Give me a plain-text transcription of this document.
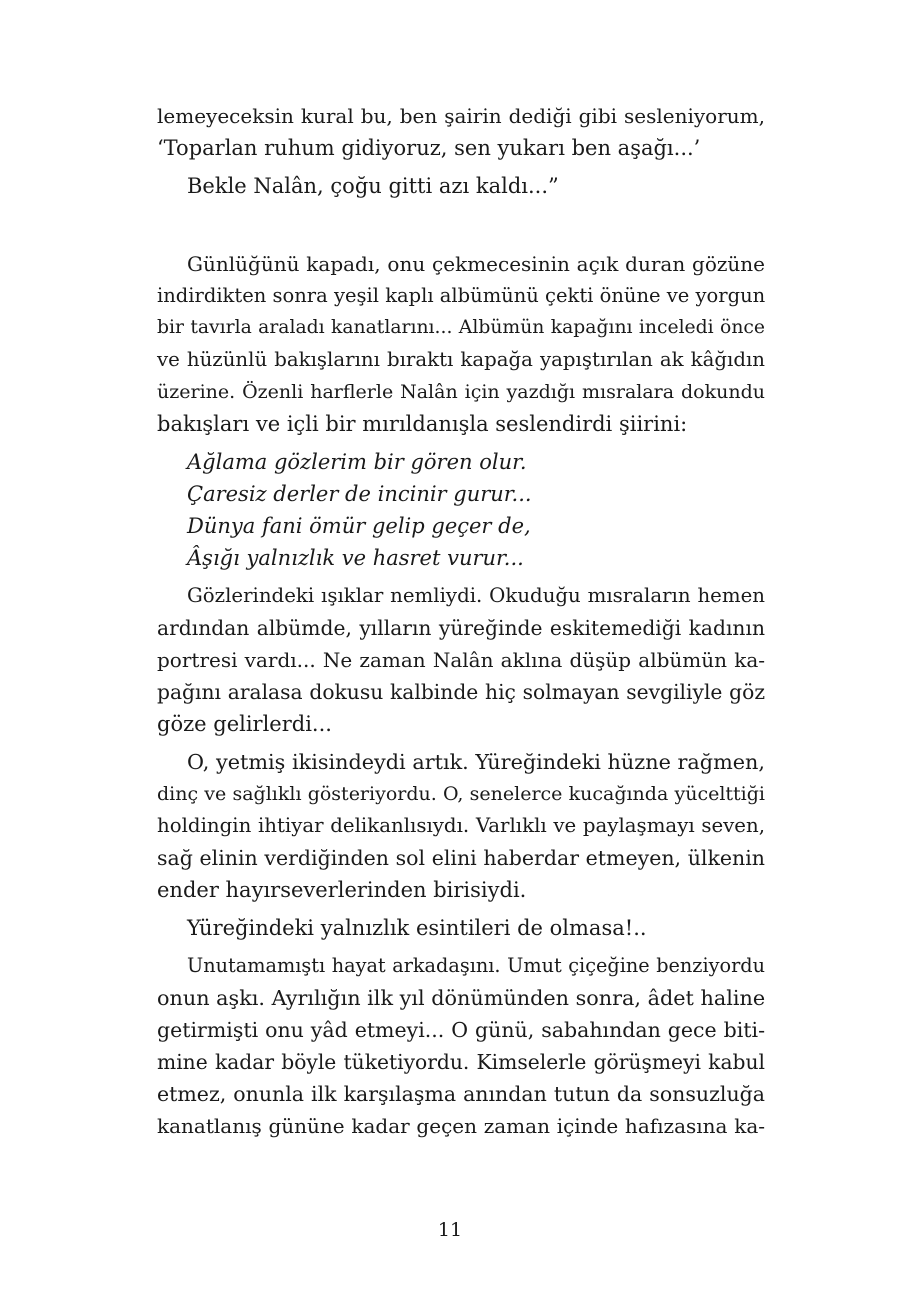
lemeyeceksin kural bu, ben şairin dediği gibi sesleniyorum,
‘Toparlan ruhum gidiyoruz, sen yukarı ben aşağı...’
Bekle Nalân, çoğu gitti azı kaldı...”
Günlüğünü kapadı, onu çekmecesinin açık duran gözüne
indirdikten sonra yeşil kaplı albümünü çekti önüne ve yorgun
bir tavırla araladı kanatlarını... Albümün kapağını inceledi önce
ve hüzünlü bakışlarını bıraktı kapağa yapıştırılan ak kâğıdın
üzerine. Özenli harflerle Nalân için yazdığı mısralara dokundu
bakışları ve içli bir mırıldanışla seslendirdi şiirini:
Ağlama gözlerim bir gören olur.
Çaresiz derler de incinir gurur...
Dünya fani ömür gelip geçer de,
Âşığı yalnızlık ve hasret vurur...
Gözlerindeki ışıklar nemliydi. Okuduğu mısraların hemen
ardından albümde, yılların yüreğinde eskitemediği kadının
portresi vardı... Ne zaman Nalân aklına düşüp albümün ka-
pağını aralasa dokusu kalbinde hiç solmayan sevgiliyle göz
göze gelirlerdi...
O, yetmiş ikisindeydi artık. Yüreğindeki hüzne rağmen,
dinç ve sağlıklı gösteriyordu. O, senelerce kucağında yücelttiği
holdingin ihtiyar delikanlısıydı. Varlıklı ve paylaşmayı seven,
sağ elinin verdiğinden sol elini haberdar etmeyen, ülkenin
ender hayırseverlerinden birisiydi.
Yüreğindeki yalnızlık esintileri de olmasa!..
Unutamamıştı hayat arkadaşını. Umut çiçeğine benziyordu
onun aşkı. Ayrılığın ilk yıl dönümünden sonra, âdet haline
getirmişti onu yâd etmeyi... O günü, sabahından gece biti-
mine kadar böyle tüketiyordu. Kimselerle görüşmeyi kabul
etmez, onunla ilk karşılaşma anından tutun da sonsuzluğa
kanatlanış gününe kadar geçen zaman içinde hafızasına ka-
11
